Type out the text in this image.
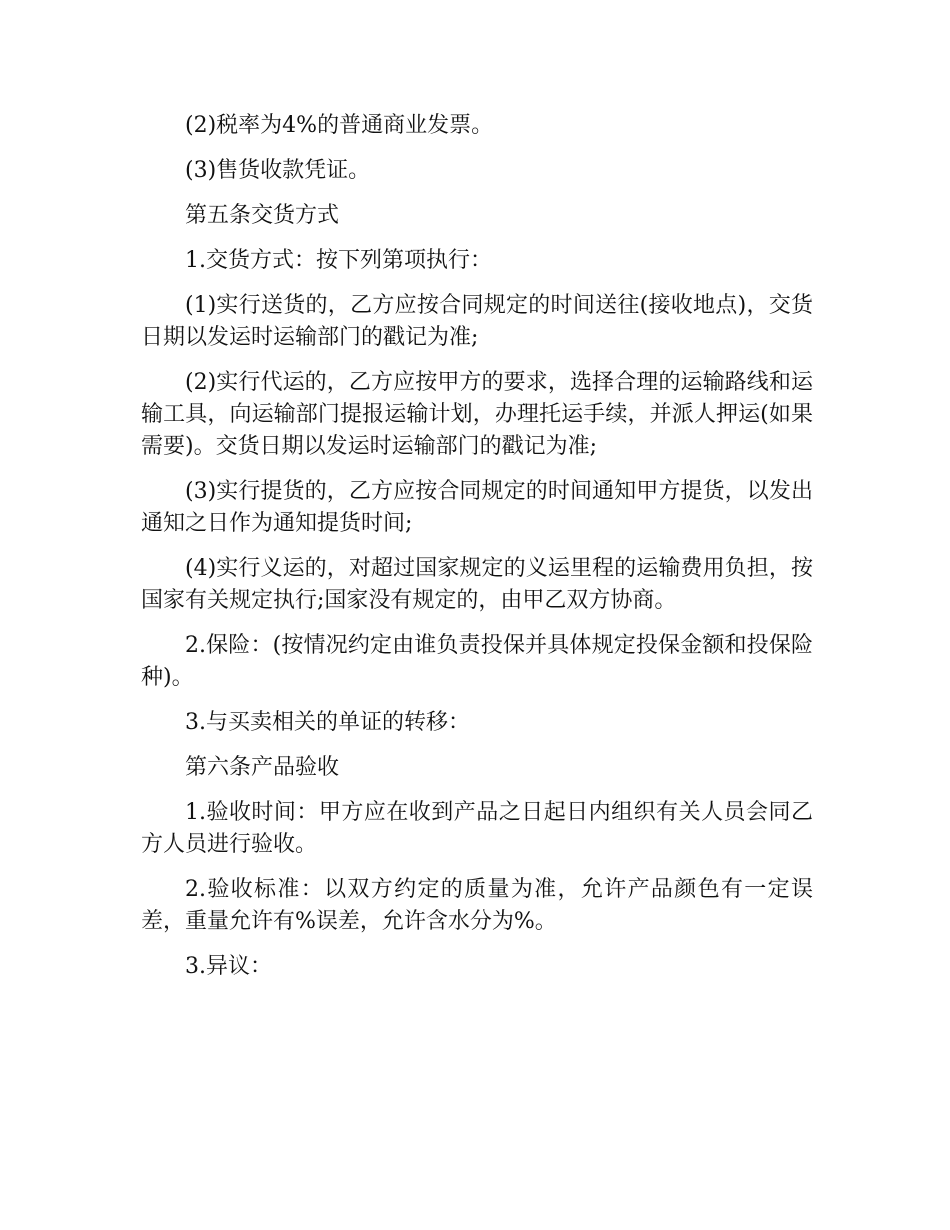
(2)税率为4%的普通商业发票。

(3)售货收款凭证。

第五条交货方式

1.交货方式：按下列第项执行：

(1)实行送货的，乙方应按合同规定的时间送往(接收地点)，交货日期以发运时运输部门的戳记为准;

(2)实行代运的，乙方应按甲方的要求，选择合理的运输路线和运输工具，向运输部门提报运输计划，办理托运手续，并派人押运(如果需要)。交货日期以发运时运输部门的戳记为准;

(3)实行提货的，乙方应按合同规定的时间通知甲方提货，以发出通知之日作为通知提货时间;

(4)实行义运的，对超过国家规定的义运里程的运输费用负担，按国家有关规定执行;国家没有规定的，由甲乙双方协商。

2.保险：(按情况约定由谁负责投保并具体规定投保金额和投保险种)。

3.与买卖相关的单证的转移：

第六条产品验收

1.验收时间：甲方应在收到产品之日起日内组织有关人员会同乙方人员进行验收。

2.验收标准：以双方约定的质量为准，允许产品颜色有一定误差，重量允许有%误差，允许含水分为%。

3.异议：
